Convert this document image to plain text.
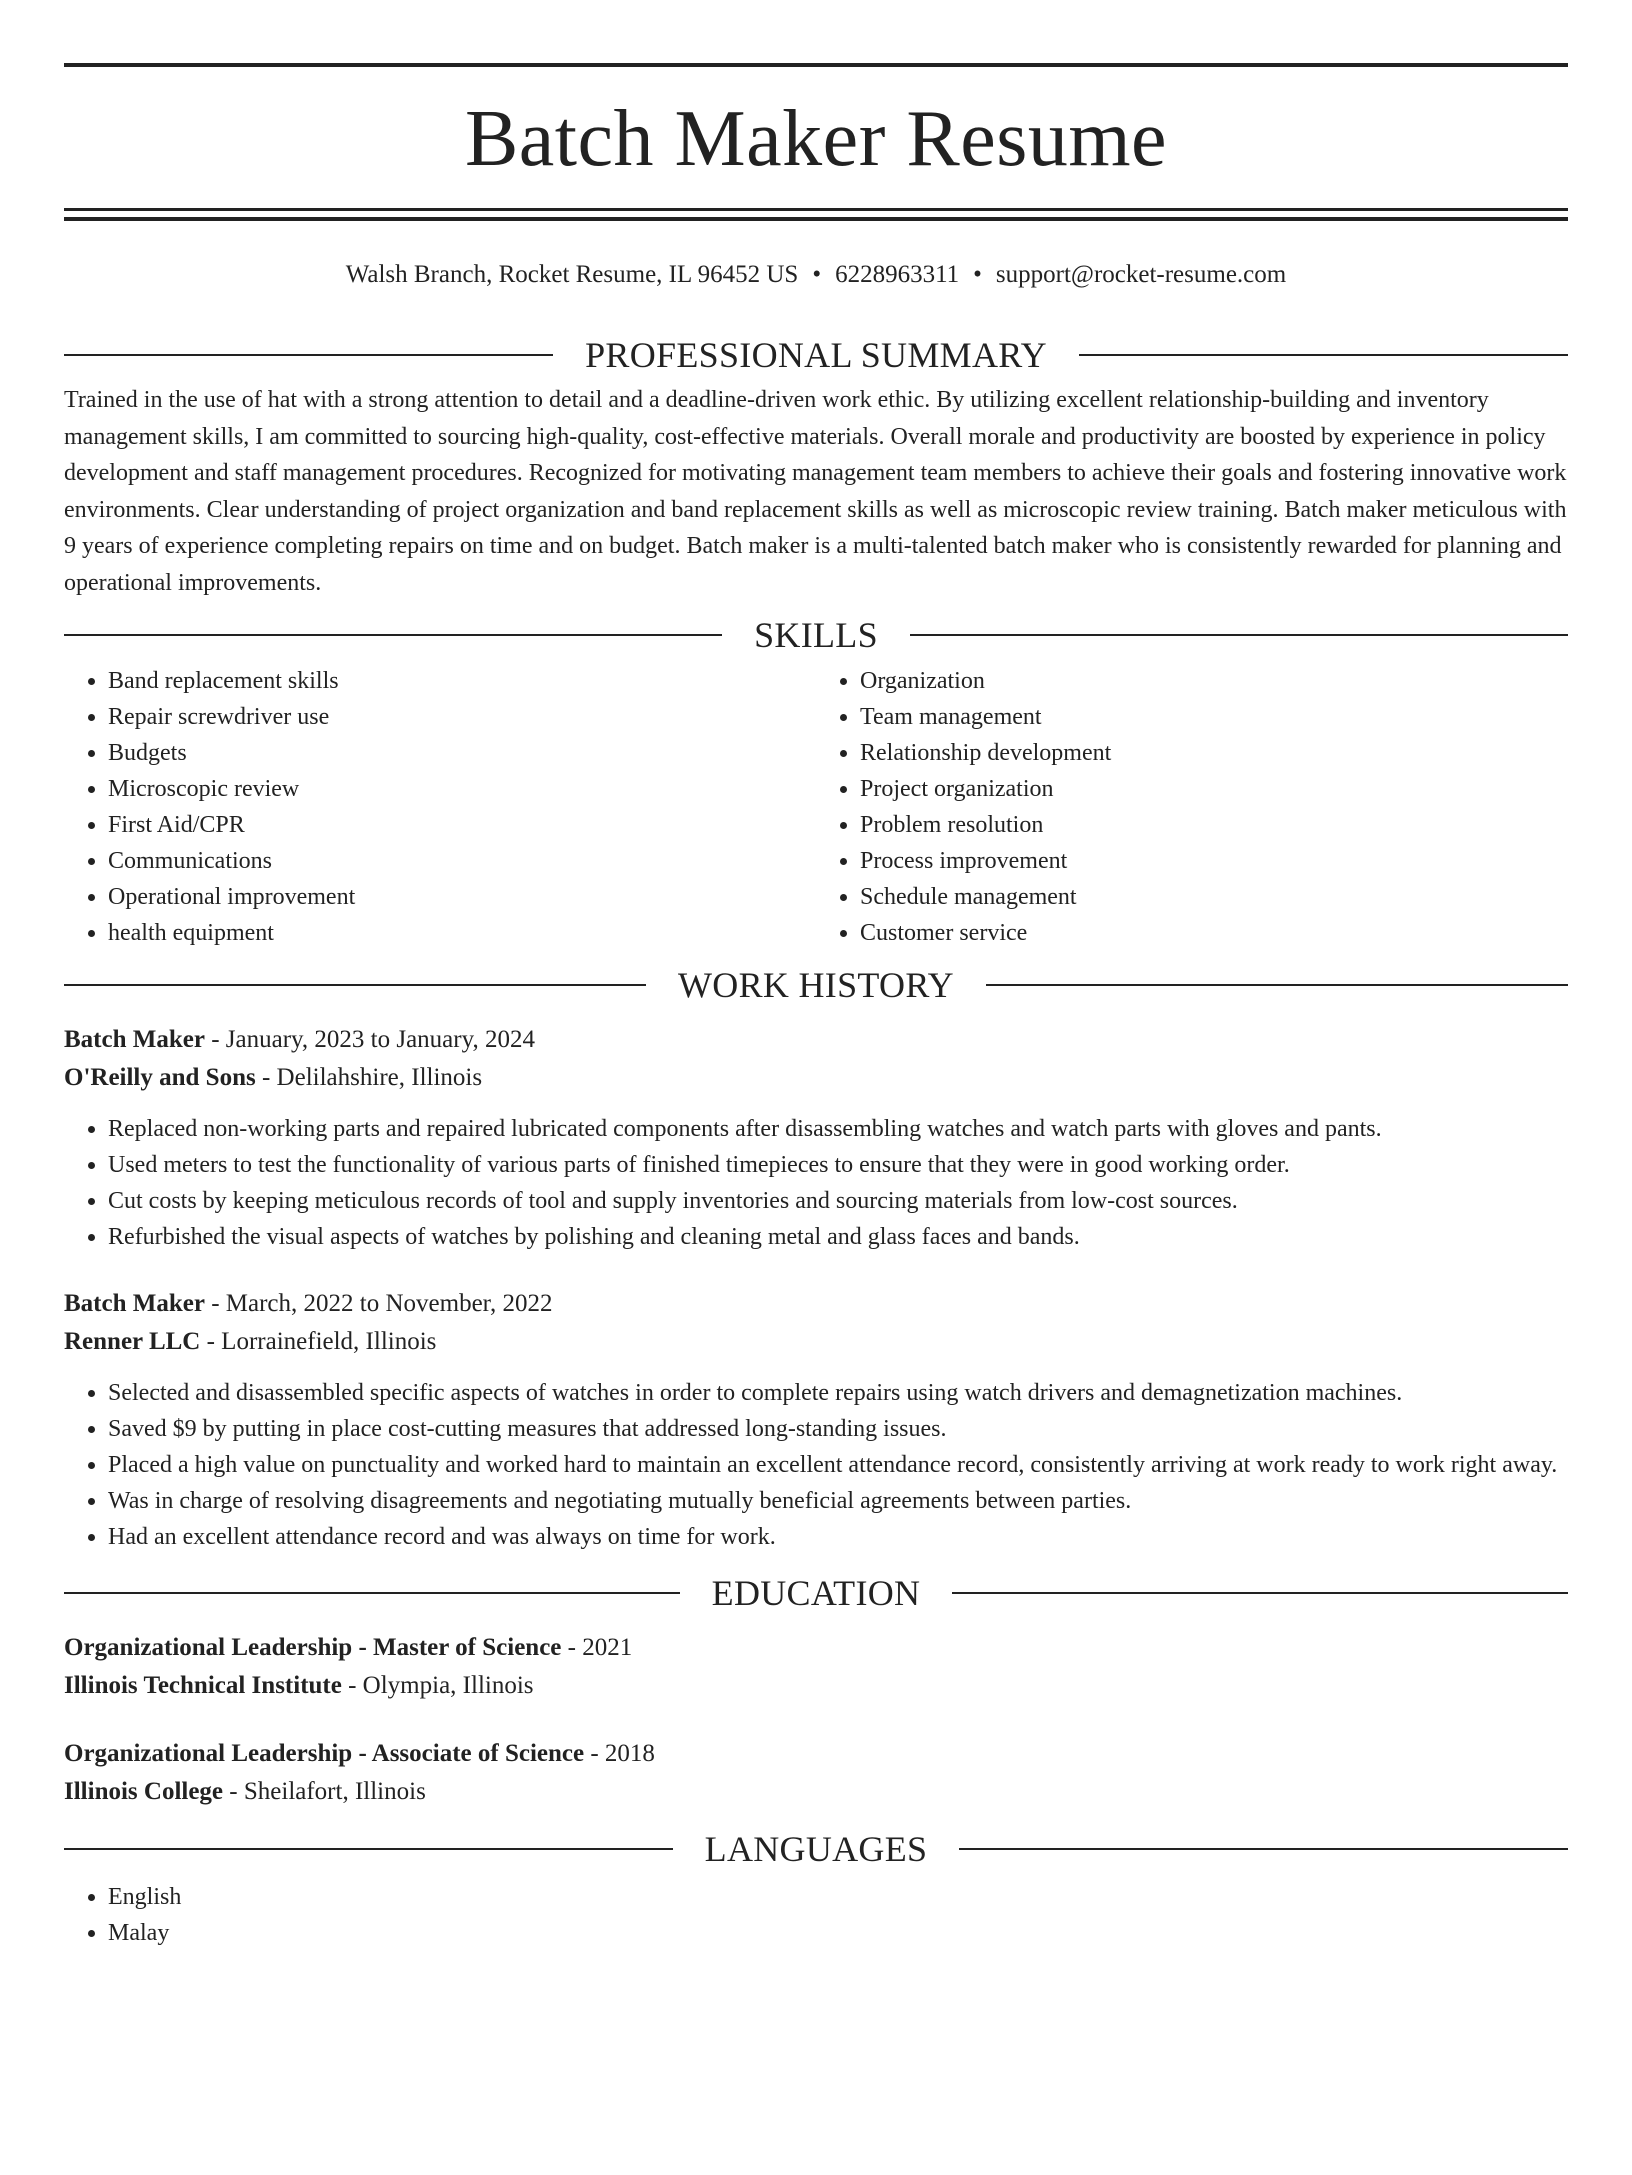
Batch Maker Resume
Walsh Branch, Rocket Resume, IL 96452 US • 6228963311 • support@rocket-resume.com
PROFESSIONAL SUMMARY
Trained in the use of hat with a strong attention to detail and a deadline-driven work ethic. By utilizing excellent relationship-building and inventory management skills, I am committed to sourcing high-quality, cost-effective materials. Overall morale and productivity are boosted by experience in policy development and staff management procedures. Recognized for motivating management team members to achieve their goals and fostering innovative work environments. Clear understanding of project organization and band replacement skills as well as microscopic review training. Batch maker meticulous with 9 years of experience completing repairs on time and on budget. Batch maker is a multi-talented batch maker who is consistently rewarded for planning and operational improvements.
SKILLS
• Band replacement skills
• Repair screwdriver use
• Budgets
• Microscopic review
• First Aid/CPR
• Communications
• Operational improvement
• health equipment
• Organization
• Team management
• Relationship development
• Project organization
• Problem resolution
• Process improvement
• Schedule management
• Customer service
WORK HISTORY
Batch Maker - January, 2023 to January, 2024
O'Reilly and Sons - Delilahshire, Illinois
• Replaced non-working parts and repaired lubricated components after disassembling watches and watch parts with gloves and pants.
• Used meters to test the functionality of various parts of finished timepieces to ensure that they were in good working order.
• Cut costs by keeping meticulous records of tool and supply inventories and sourcing materials from low-cost sources.
• Refurbished the visual aspects of watches by polishing and cleaning metal and glass faces and bands.
Batch Maker - March, 2022 to November, 2022
Renner LLC - Lorrainefield, Illinois
• Selected and disassembled specific aspects of watches in order to complete repairs using watch drivers and demagnetization machines.
• Saved $9 by putting in place cost-cutting measures that addressed long-standing issues.
• Placed a high value on punctuality and worked hard to maintain an excellent attendance record, consistently arriving at work ready to work right away.
• Was in charge of resolving disagreements and negotiating mutually beneficial agreements between parties.
• Had an excellent attendance record and was always on time for work.
EDUCATION
Organizational Leadership - Master of Science - 2021
Illinois Technical Institute - Olympia, Illinois
Organizational Leadership - Associate of Science - 2018
Illinois College - Sheilafort, Illinois
LANGUAGES
• English
• Malay
